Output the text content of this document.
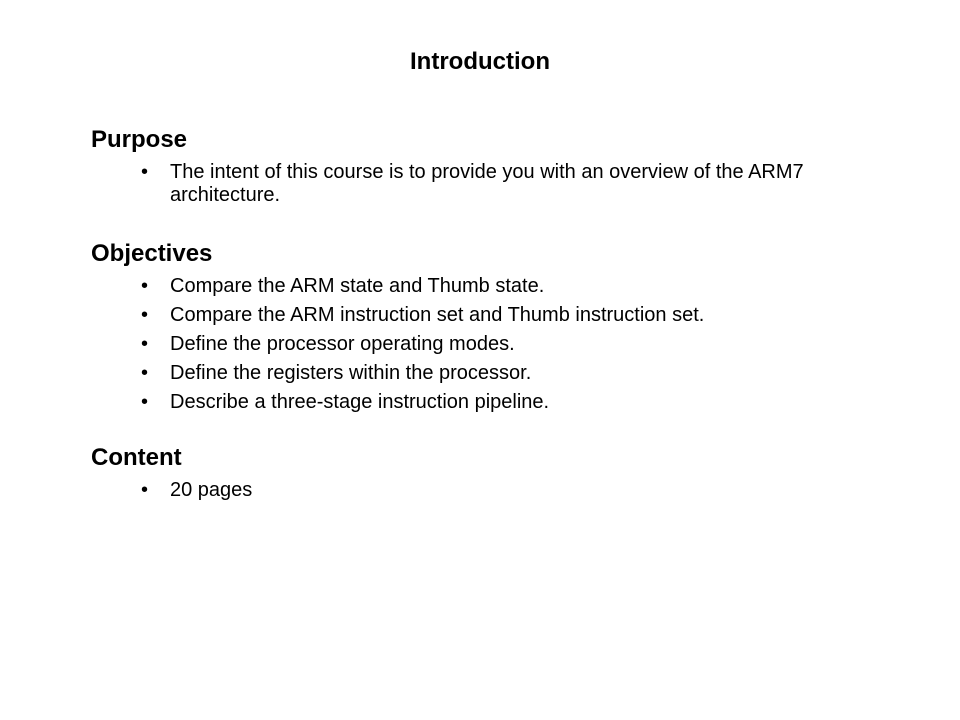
Introduction
Purpose
• The intent of this course is to provide you with an overview of the ARM7 architecture.
Objectives
• Compare the ARM state and Thumb state.
• Compare the ARM instruction set and Thumb instruction set.
• Define the processor operating modes.
• Define the registers within the processor.
• Describe a three-stage instruction pipeline.
Content
• 20 pages
